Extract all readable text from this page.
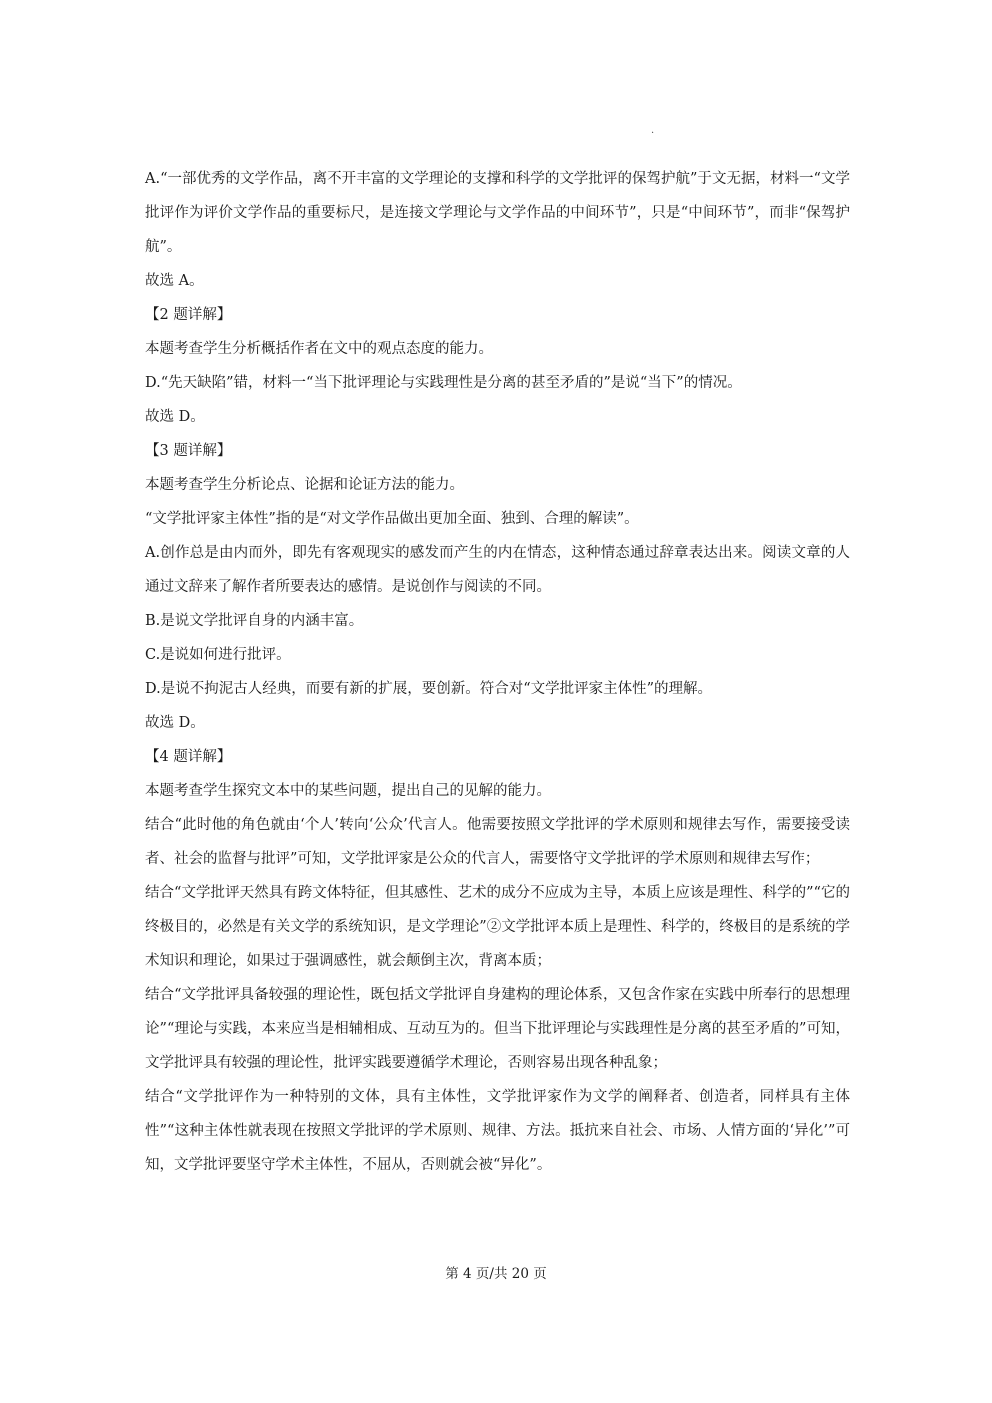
·

A.“一部优秀的文学作品，离不开丰富的文学理论的支撑和科学的文学批评的保驾护航”于文无据，材料一“文学批评作为评价文学作品的重要标尺，是连接文学理论与文学作品的中间环节”，只是“中间环节”，而非“保驾护航”。

故选 A。

【2 题详解】

本题考查学生分析概括作者在文中的观点态度的能力。

D.“先天缺陷”错，材料一“当下批评理论与实践理性是分离的甚至矛盾的”是说“当下”的情况。

故选 D。

【3 题详解】

本题考查学生分析论点、论据和论证方法的能力。

“文学批评家主体性”指的是“对文学作品做出更加全面、独到、合理的解读”。

A.创作总是由内而外，即先有客观现实的感发而产生的内在情态，这种情态通过辞章表达出来。阅读文章的人通过文辞来了解作者所要表达的感情。是说创作与阅读的不同。

B.是说文学批评自身的内涵丰富。

C.是说如何进行批评。

D.是说不拘泥古人经典，而要有新的扩展，要创新。符合对“文学批评家主体性”的理解。

故选 D。

【4 题详解】

本题考查学生探究文本中的某些问题，提出自己的见解的能力。

结合“此时他的角色就由‘个人’转向‘公众’代言人。他需要按照文学批评的学术原则和规律去写作，需要接受读者、社会的监督与批评”可知，文学批评家是公众的代言人，需要恪守文学批评的学术原则和规律去写作；

结合“文学批评天然具有跨文体特征，但其感性、艺术的成分不应成为主导，本质上应该是理性、科学的”“它的终极目的，必然是有关文学的系统知识，是文学理论”②文学批评本质上是理性、科学的，终极目的是系统的学术知识和理论，如果过于强调感性，就会颠倒主次，背离本质；

结合“文学批评具备较强的理论性，既包括文学批评自身建构的理论体系，又包含作家在实践中所奉行的思想理论”“理论与实践，本来应当是相辅相成、互动互为的。但当下批评理论与实践理性是分离的甚至矛盾的”可知，文学批评具有较强的理论性，批评实践要遵循学术理论，否则容易出现各种乱象；

结合“文学批评作为一种特别的文体，具有主体性，文学批评家作为文学的阐释者、创造者，同样具有主体性”“这种主体性就表现在按照文学批评的学术原则、规律、方法。抵抗来自社会、市场、人情方面的‘异化’”可知，文学批评要坚守学术主体性，不屈从，否则就会被“异化”。

第 4 页/共 20 页
